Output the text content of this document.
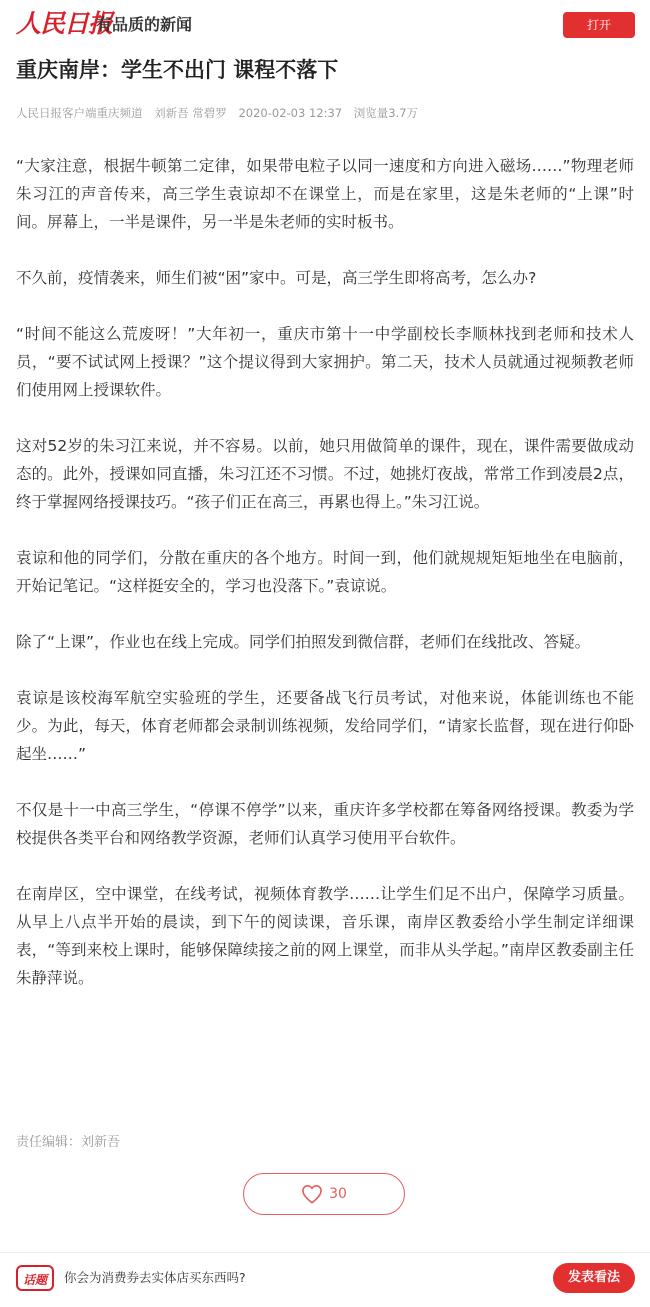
人民日报
有品质的新闻	打开
重庆南岸：学生不出门 课程不落下
人民日报客户端重庆频道 刘新吾 常碧罗 2020-02-03 12:37 浏览量3.7万

“大家注意，根据牛顿第二定律，如果带电粒子以同一速度和方向进入磁场……”物理老师朱习江的声音传来，高三学生袁谅却不在课堂上，而是在家里，这是朱老师的“上课”时间。屏幕上，一半是课件，另一半是朱老师的实时板书。

不久前，疫情袭来，师生们被“困”家中。可是，高三学生即将高考，怎么办?

“时间不能这么荒废呀！”大年初一，重庆市第十一中学副校长李顺林找到老师和技术人员，“要不试试网上授课？”这个提议得到大家拥护。第二天，技术人员就通过视频教老师们使用网上授课软件。

这对52岁的朱习江来说，并不容易。以前，她只用做简单的课件，现在，课件需要做成动态的。此外，授课如同直播，朱习江还不习惯。不过，她挑灯夜战，常常工作到凌晨2点，终于掌握网络授课技巧。“孩子们正在高三，再累也得上。”朱习江说。

袁谅和他的同学们，分散在重庆的各个地方。时间一到，他们就规规矩矩地坐在电脑前，开始记笔记。“这样挺安全的，学习也没落下。”袁谅说。

除了“上课”，作业也在线上完成。同学们拍照发到微信群，老师们在线批改、答疑。

袁谅是该校海军航空实验班的学生，还要备战飞行员考试，对他来说，体能训练也不能少。为此，每天，体育老师都会录制训练视频，发给同学们，“请家长监督，现在进行仰卧起坐……”

不仅是十一中高三学生，“停课不停学”以来，重庆许多学校都在筹备网络授课。教委为学校提供各类平台和网络教学资源，老师们认真学习使用平台软件。

在南岸区，空中课堂，在线考试，视频体育教学……让学生们足不出户，保障学习质量。从早上八点半开始的晨读，到下午的阅读课，音乐课，南岸区教委给小学生制定详细课表，“等到来校上课时，能够保障续接之前的网上课堂，而非从头学起。”南岸区教委副主任朱静萍说。

责任编辑：刘新吾
30
话题	你会为消费券去实体店买东西吗?	发表看法
